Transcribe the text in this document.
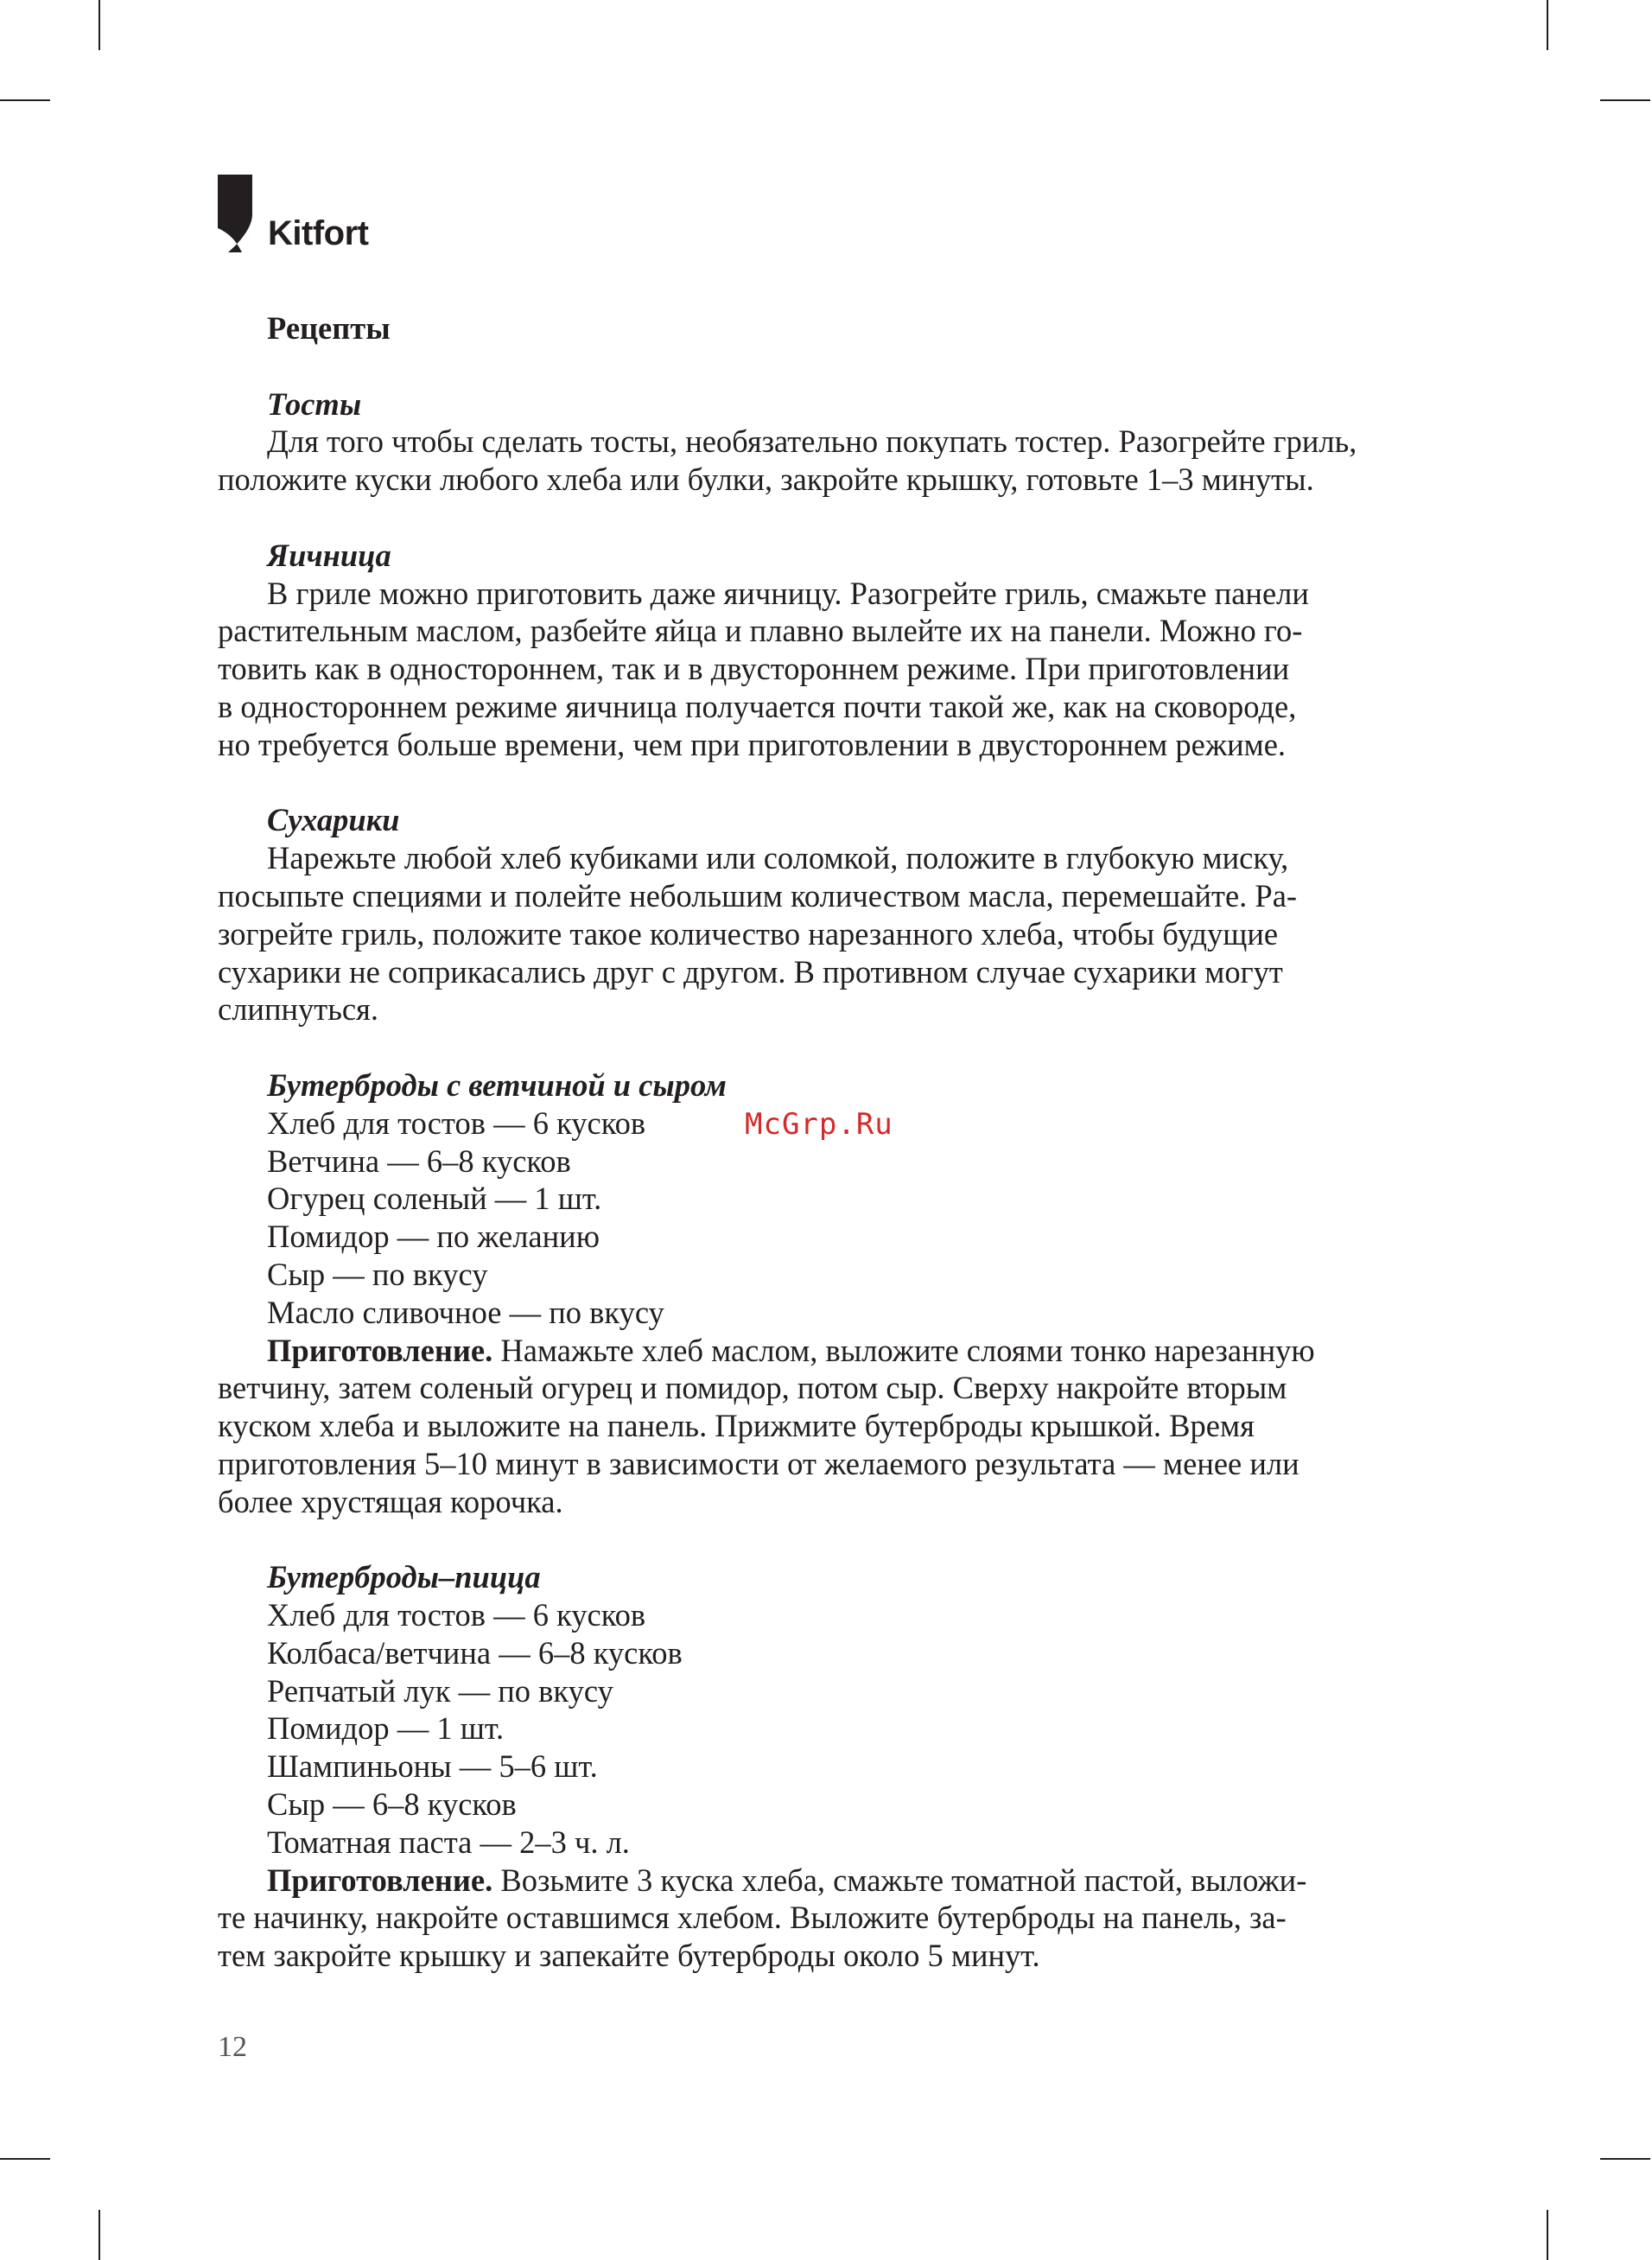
Kitfort

Рецепты

Тосты

Для того чтобы сделать тосты, необязательно покупать тостер. Разогрейте гриль,
положите куски любого хлеба или булки, закройте крышку, готовьте 1–3 минуты.

Яичница

В гриле можно приготовить даже яичницу. Разогрейте гриль, смажьте панели
растительным маслом, разбейте яйца и плавно вылейте их на панели. Можно го-
товить как в одностороннем, так и в двустороннем режиме. При приготовлении
в одностороннем режиме яичница получается почти такой же, как на сковороде,
но требуется больше времени, чем при приготовлении в двустороннем режиме.

Сухарики

Нарежьте любой хлеб кубиками или соломкой, положите в глубокую миску,
посыпьте специями и полейте небольшим количеством масла, перемешайте. Ра-
зогрейте гриль, положите такое количество нарезанного хлеба, чтобы будущие
сухарики не соприкасались друг с другом. В противном случае сухарики могут
слипнуться.

Бутерброды с ветчиной и сыром

Хлеб для тостов — 6 кусков

Ветчина — 6–8 кусков

Огурец соленый — 1 шт.

Помидор — по желанию

Сыр — по вкусу

Масло сливочное — по вкусу

Приготовление. Намажьте хлеб маслом, выложите слоями тонко нарезанную
ветчину, затем соленый огурец и помидор, потом сыр. Сверху накройте вторым
куском хлеба и выложите на панель. Прижмите бутерброды крышкой. Время
приготовления 5–10 минут в зависимости от желаемого результата — менее или
более хрустящая корочка.

Бутерброды–пицца

Хлеб для тостов — 6 кусков

Колбаса/ветчина — 6–8 кусков

Репчатый лук — по вкусу

Помидор — 1 шт.

Шампиньоны — 5–6 шт.

Сыр — 6–8 кусков

Томатная паста — 2–3 ч. л.

Приготовление. Возьмите 3 куска хлеба, смажьте томатной пастой, выложи-
те начинку, накройте оставшимся хлебом. Выложите бутерброды на панель, за-
тем закройте крышку и запекайте бутерброды около 5 минут.

McGrp.Ru
12
